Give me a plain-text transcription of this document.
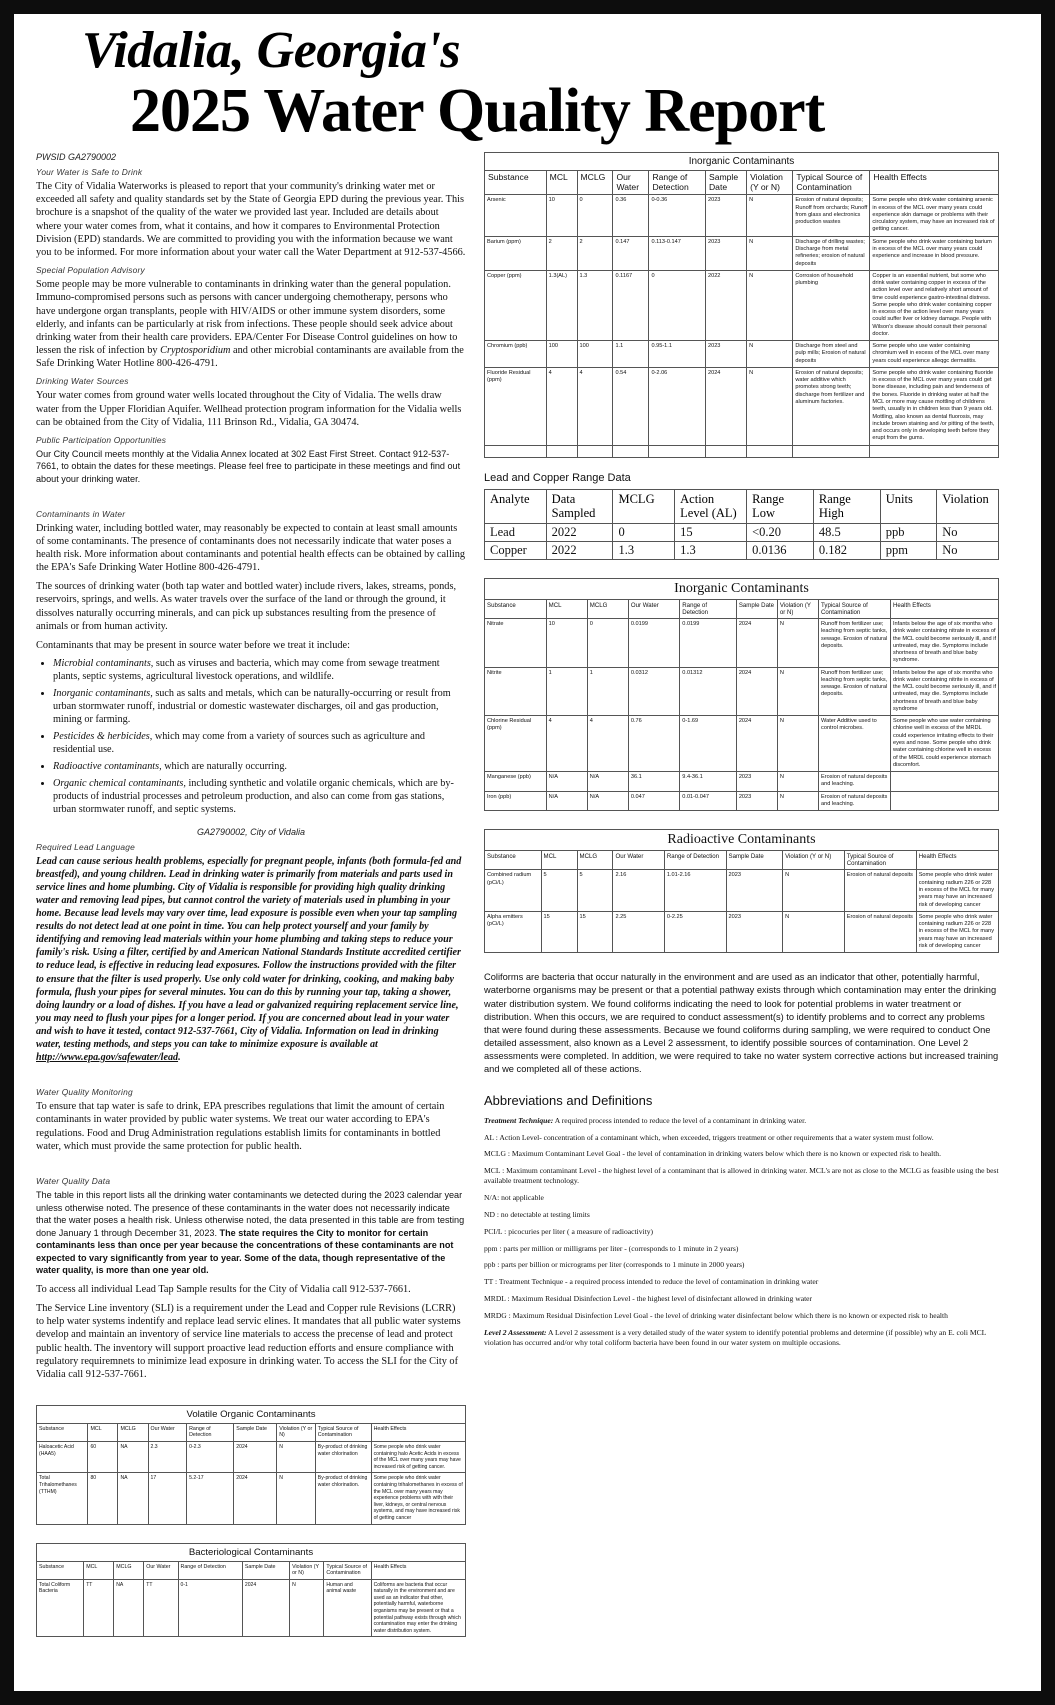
Vidalia, Georgia's
2025 Water Quality Report
PWSID GA2790002
Your Water is Safe to Drink

The City of Vidalia Waterworks is pleased to report that your community's drinking water met or exceeded all safety and quality standards set by the State of Georgia EPD during the previous year. This brochure is a snapshot of the quality of the water we provided last year. Included are details about where your water comes from, what it contains, and how it compares to Environmental Protection Division (EPD) standards. We are committed to providing you with the information because we want you to be informed. For more information about your water call the Water Department at 912-537-4566.

Special Population Advisory

Some people may be more vulnerable to contaminants in drinking water than the general population. Immuno-compromised persons such as persons with cancer undergoing chemotherapy, persons who have undergone organ transplants, people with HIV/AIDS or other immune system disorders, some elderly, and infants can be particularly at risk from infections. These people should seek advice about drinking water from their health care providers. EPA/Center For Disease Control guidelines on how to lessen the risk of infection by Cryptosporidium and other microbial contaminants are available from the Safe Drinking Water Hotline 800-426-4791.

Drinking Water Sources

Your water comes from ground water wells located throughout the City of Vidalia. The wells draw water from the Upper Floridian Aquifer. Wellhead protection program information for the Vidalia wells can be obtained from the City of Vidalia, 111 Brinson Rd., Vidalia, GA 30474.

Public Participation Opportunities

Our City Council meets monthly at the Vidalia Annex located at 302 East First Street. Contact 912-537-7661, to obtain the dates for these meetings. Please feel free to participate in these meetings and find out about your drinking water.

Contaminants in Water

Drinking water, including bottled water, may reasonably be expected to contain at least small amounts of some contaminants. The presence of contaminants does not necessarily indicate that water poses a health risk. More information about contaminants and potential health effects can be obtained by calling the EPA's Safe Drinking Water Hotline 800-426-4791.

The sources of drinking water (both tap water and bottled water) include rivers, lakes, streams, ponds, reservoirs, springs, and wells. As water travels over the surface of the land or through the ground, it dissolves naturally occurring minerals, and can pick up substances resulting from the presence of animals or from human activity.

Contaminants that may be present in source water before we treat it include:

• Microbial contaminants, such as viruses and bacteria, which may come from sewage treatment plants, septic systems, agricultural livestock operations, and wildlife.
• Inorganic contaminants, such as salts and metals, which can be naturally-occurring or result from urban stormwater runoff, industrial or domestic wastewater discharges, oil and gas production, mining or farming.
• Pesticides & herbicides, which may come from a variety of sources such as agriculture and residential use.
• Radioactive contaminants, which are naturally occurring.
• Organic chemical contaminants, including synthetic and volatile organic chemicals, which are by-products of industrial processes and petroleum production, and also can come from gas stations, urban stormwater runoff, and septic systems.
GA2790002, City of Vidalia
Required Lead Language

Lead can cause serious health problems, especially for pregnant people, infants (both formula-fed and breastfed), and young children. Lead in drinking water is primarily from materials and parts used in service lines and home plumbing. City of Vidalia is responsible for providing high quality drinking water and removing lead pipes, but cannot control the variety of materials used in plumbing in your home. Because lead levels may vary over time, lead exposure is possible even when your tap sampling results do not detect lead at one point in time. You can help protect yourself and your family by identifying and removing lead materials within your home plumbing and taking steps to reduce your family's risk. Using a filter, certified by and American National Standards Institute accredited certifier to reduce lead, is effective in reducing lead exposures. Follow the instructions provided with the filter to ensure that the filter is used properly. Use only cold water for drinking, cooking, and making baby formula, flush your pipes for several minutes. You can do this by running your tap, taking a shower, doing laundry or a load of dishes. If you have a lead or galvanized requiring replacement service line, you may need to flush your pipes for a longer period. If you are concerned about lead in your water and wish to have it tested, contact 912-537-7661, City of Vidalia. Information on lead in drinking water, testing methods, and steps you can take to minimize exposure is available at http://www.epa.gov/safewater/lead.

Water Quality Monitoring

To ensure that tap water is safe to drink, EPA prescribes regulations that limit the amount of certain contaminants in water provided by public water systems. We treat our water according to EPA's regulations. Food and Drug Administration regulations establish limits for contaminants in bottled water, which must provide the same protection for public health.

Water Quality Data

The table in this report lists all the drinking water contaminants we detected during the 2023 calendar year unless otherwise noted. The presence of these contaminants in the water does not necessarily indicate that the water poses a health risk. Unless otherwise noted, the data presented in this table are from testing done January 1 through December 31, 2023. The state requires the City to monitor for certain contaminants less than once per year because the concentrations of these contaminants are not expected to vary significantly from year to year. Some of the data, though representative of the water quality, is more than one year old.

To access all individual Lead Tap Sample results for the City of Vidalia call 912-537-7661.

The Service Line inventory (SLI) is a requirement under the Lead and Copper rule Revisions (LCRR) to help water systems indentify and replace lead servic elines. It mandates that all public water systems develop and maintain an inventory of service line materials to access the precense of lead and protect public health. The inventory will support proactive lead reduction efforts and ensure compliance with regulatory requiremnets to minimize lead exposure in drinking water. To access the SLI for the City of Vidalia call 912-537-7661.

Volatile Organic Contaminants								
Substance	MCL	MCLG	Our Water	Range of Detection	Sample Date	Violation (Y or N)	Typical Source of Contamination	Health Effects
Haloacetic Acid (HAA5)	60	NA	2.3	0-2.3	2024	N	By-product of drinking water chlorination	Some people who drink water containing halo Acetic Acids in excess of the MCL over many years may have increased risk of getting cancer.
Total Trihalomethanes (TTHM)	80	NA	17	5.2-17	2024	N	By-product of drinking water chlorination.	Some people who drink water containing trihalomethanes in excess of the MCL over many years may experience problems with with their liver, kidneys, or central nervous systems, and may have increased risk of getting cancer
Bacteriological Contaminants								
Substance	MCL	MCLG	Our Water	Range of Detection	Sample Date	Violation (Y or N)	Typical Source of Contamination	Health Effects
Total Coliform Bacteria	TT	NA	TT	0-1	2024	N	Human and animal waste	Coliforms are bacteria that occur naturally in the environment and are used as an indicator that other, potentially harmful, waterborne organisms may be present or that a potential pathway exists through which contamination may enter the drinking water distribution system.
Inorganic Contaminants								
Substance	MCL	MCLG	Our Water	Range of Detection	Sample Date	Violation (Y or N)	Typical Source of Contamination	Health Effects
Arsenic	10	0	0.36	0-0.36	2023	N	Erosion of natural deposits; Runoff from orchards; Runoff from glass and electronics production wastes	Some people who drink water containing arsenic in excess of the MCL over many years could experience skin damage or problems with their circulatory system, may have an increased risk of getting cancer.
Barium (ppm)	2	2	0.147	0.113-0.147	2023	N	Discharge of drilling wastes; Discharge from metal refineries; erosion of natural deposits	Some people who drink water containing barium in excess of the MCL over many years could experience and increase in blood pressure.
Copper (ppm)	1.3(AL)	1.3	0.1167	0	2022	N	Corrosion of household plumbing	Copper is an essential nutrient, but some who drink water containing copper in excess of the action level over and relatively short amount of time could experience gastro-intestinal distress. Some people who drink water containing copper in excess of the action level over many years could suffer liver or kidney damage. People with Wilson's disease should consult their personal doctor.
Chromium (ppb)	100	100	1.1	0.95-1.1	2023	N	Discharge from steel and pulp mills; Erosion of natural deposits	Some people who use water containing chromium well in excess of the MCL over many years could experience alleqgc dermatitis.
Fluoride Residual (ppm)	4	4	0.54	0-2.06	2024	N	Erosion of natural deposits; water additive which promotes strong teeth; discharge from fertilizer and aluminum factories.	Some people who drink water containing fluoride in excess of the MCL over many years could get bone disease, including pain and tenderness of the bones. Fluoride in drinking water at half the MCL or more may cause mottling of childrens teeth, usually in in children less than 9 years old. Mottling, also known as dental fluorosis, may include brown staining and /or pitting of the teeth, and occurs only in developing teeth before they erupt from the gums.

Lead and Copper Range Data
Analyte	Data Sampled	MCLG	Action Level (AL)	Range Low	Range High	Units	Violation
Lead	2022	0	15	<0.20	48.5	ppb	No
Copper	2022	1.3	1.3	0.0136	0.182	ppm	No
Inorganic Contaminants								
Substance	MCL	MCLG	Our Water	Range of Detection	Sample Date	Violation (Y or N)	Typical Source of Contamination	Health Effects
Nitrate	10	0	0.0199	0.0199	2024	N	Runoff from fertilizer use; leaching from septic tanks, sewage. Erosion of natural deposits.	Infants below the age of six months who drink water containing nitrate in excess of the MCL could become seriously ill, and if untreated, may die. Symptoms include shortness of breath and blue baby syndrome.
Nitrite	1	1	0.0312	0.01312	2024	N	Runoff from fertilizer use; leaching from septic tanks, sewage. Erosion of natural deposits.	Infants below the age of six months who drink water containing nitrite in excess of the MCL could become seriously ill, and if untreated, may die. Symptoms include shortness of breath and blue baby syndrome
Chlorine Residual (ppm)	4	4	0.76	0-1.69	2024	N	Water Additive used to control microbes.	Some people who use water containing chlorine well in excess of the MRDL could experience irritating effects to their eyes and nose. Some people who drink water containing chlorine well in excess of the MRDL could experience stomach discomfort.
Manganese (ppb)	N/A	N/A	36.1	9.4-36.1	2023	N	Erosion of natural deposits and leaching.	
Iron (ppb)	N/A	N/A	0.047	0.01-0.047	2023	N	Erosion of natural deposits and leaching.	
Radioactive Contaminants								
Substance	MCL	MCLG	Our Water	Range of Detection	Sample Date	Violation (Y or N)	Typical Source of Contamination	Health Effects
Combined radium (pCi/L)	5	5	2.16	1.01-2.16	2023	N	Erosion of natural deposits	Some people who drink water containing radium 226 or 228 in excess of the MCL for many years may have an increased risk of developing cancer
Alpha emitters (pCi/L)	15	15	2.25	0-2.25	2023	N	Erosion of natural deposits	Some people who drink water containing radium 226 or 228 in excess of the MCL for many years may have an increased risk of developing cancer

Coliforms are bacteria that occur naturally in the environment and are used as an indicator that other, potentially harmful, waterborne organisms may be present or that a potential pathway exists through which contamination may enter the drinking water distribution system. We found coliforms indicating the need to look for potential problems in water treatment or distribution. When this occurs, we are required to conduct assessment(s) to identify problems and to correct any problems that were found during these assessments. Because we found coliforms during sampling, we were required to conduct One detailed assessment, also known as a Level 2 assessment, to identify possible sources of contamination. One Level 2 assessments were completed. In addition, we were required to take no water system corrective actions but increased training and we completed all of these actions.

Abbreviations and Definitions

Treatment Technique: A required process intended to reduce the level of a contaminant in drinking water.

AL : Action Level- concentration of a contaminant which, when exceeded, triggers treatment or other requirements that a water system must follow.

MCLG : Maximum Contaminant Level Goal - the level of contamination in drinking waters below which there is no known or expected risk to health.

MCL : Maximum contaminant Level - the highest level of a contaminant that is allowed in drinking water. MCL's are not as close to the MCLG as feasible using the best available treatment technology.

N/A: not applicable

ND : no detectable at testing limits

PCI/L : picocuries per liter ( a measure of radioactivity)

ppm : parts per million or milligrams per liter - (corresponds to 1 minute in 2 years)

ppb : parts per billion or micrograms per liter (corresponds to 1 minute in 2000 years)

TT : Treatment Technique - a required process intended to reduce the level of contamination in drinking water

MRDL : Maximum Residual Disinfection Level - the highest level of disinfectant allowed in drinking water

MRDG : Maximum Residual Disinfection Level Goal - the level of drinking water disinfectant below which there is no known or expected risk to health

Level 2 Assessment: A Level 2 assessment is a very detailed study of the water system to identify potential problems and determine (if possible) why an E. coli MCL violation has occurred and/or why total coliform bacteria have been found in our water system on multiple occasions.
